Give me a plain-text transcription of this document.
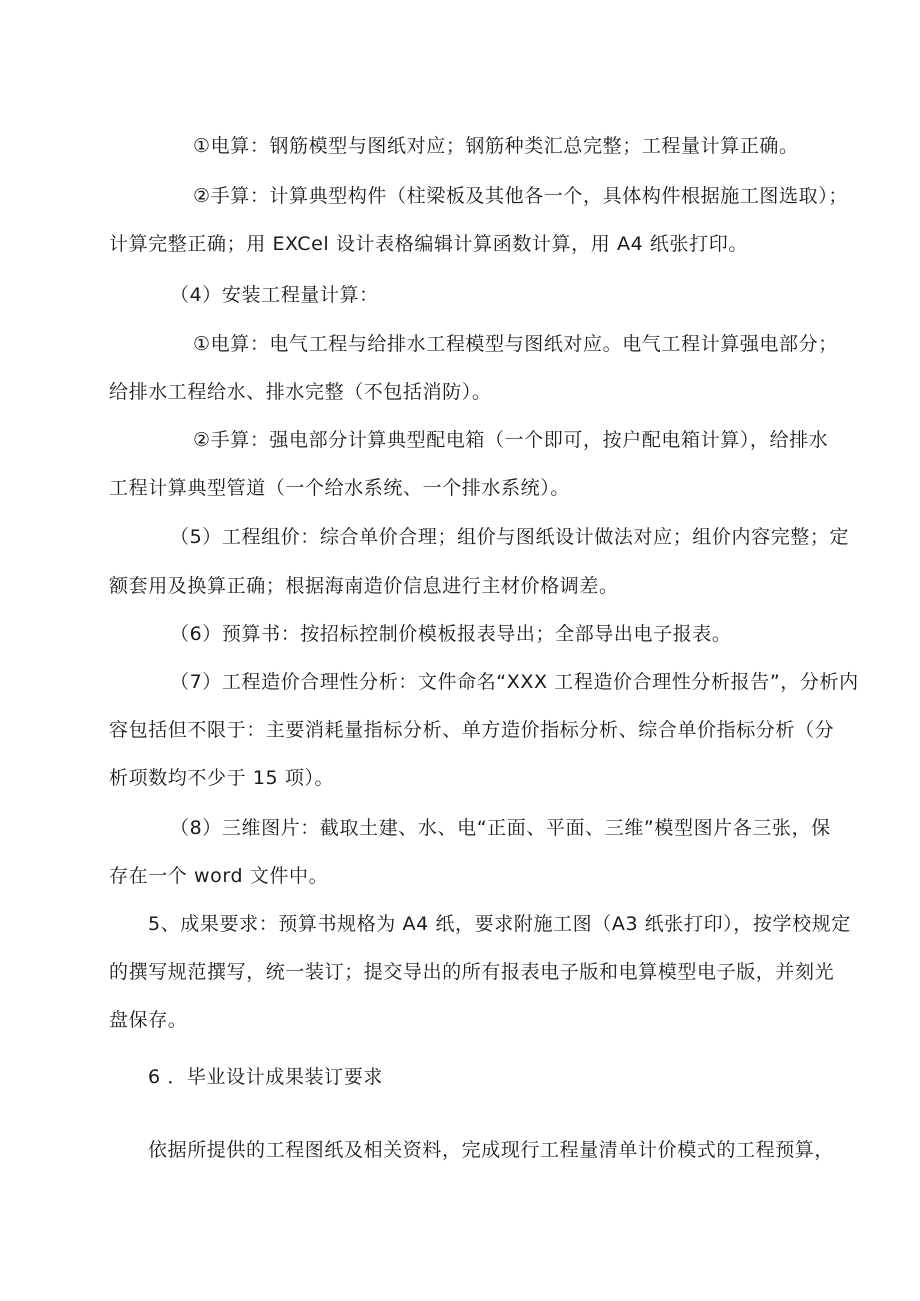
①电算：钢筋模型与图纸对应；钢筋种类汇总完整；工程量计算正确。
②手算：计算典型构件（柱梁板及其他各一个，具体构件根据施工图选取）；
计算完整正确；用 EXCel 设计表格编辑计算函数计算，用 A4 纸张打印。
（4）安装工程量计算：
①电算：电气工程与给排水工程模型与图纸对应。电气工程计算强电部分；
给排水工程给水、排水完整（不包括消防）。
②手算：强电部分计算典型配电箱（一个即可，按户配电箱计算），给排水
工程计算典型管道（一个给水系统、一个排水系统）。
（5）工程组价：综合单价合理；组价与图纸设计做法对应；组价内容完整；定
额套用及换算正确；根据海南造价信息进行主材价格调差。
（6）预算书：按招标控制价模板报表导出；全部导出电子报表。
（7）工程造价合理性分析：文件命名“XXX 工程造价合理性分析报告”，分析内
容包括但不限于：主要消耗量指标分析、单方造价指标分析、综合单价指标分析（分
析项数均不少于 15 项）。
（8）三维图片：截取土建、水、电“正面、平面、三维”模型图片各三张，保
存在一个 word 文件中。
5、成果要求：预算书规格为 A4 纸，要求附施工图（A3 纸张打印），按学校规定
的撰写规范撰写，统一装订；提交导出的所有报表电子版和电算模型电子版，并刻光
盘保存。
6 ．毕业设计成果装订要求
依据所提供的工程图纸及相关资料，完成现行工程量清单计价模式的工程预算，
